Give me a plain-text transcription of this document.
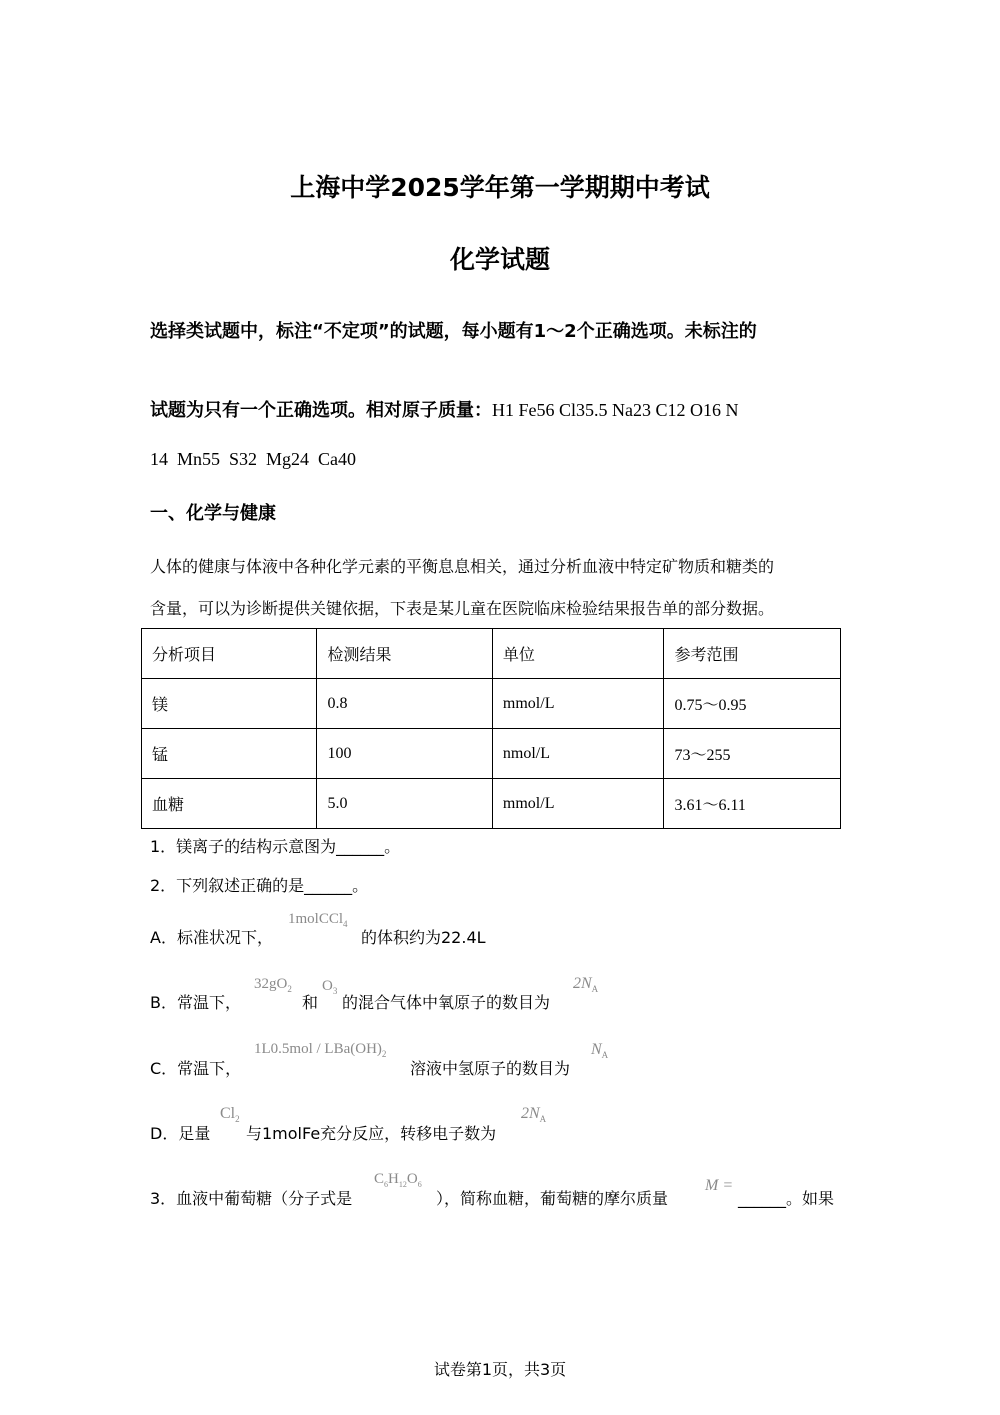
上海中学2025学年第一学期期中考试
化学试题
选择类试题中，标注“不定项”的试题，每小题有1～2个正确选项。未标注的
试题为只有一个正确选项。相对原子质量：H1 Fe56 Cl35.5 Na23 C12 O16 N
14  Mn55  S32  Mg24  Ca40
一、化学与健康
人体的健康与体液中各种化学元素的平衡息息相关，通过分析血液中特定矿物质和糖类的
含量，可以为诊断提供关键依据，下表是某儿童在医院临床检验结果报告单的部分数据。
分析项目	检测结果	单位	参考范围
镁	0.8	mmol/L	0.75～0.95
锰	100	nmol/L	73～255
血糖	5.0	mmol/L	3.61～6.11
1．镁离子的结构示意图为______。
2．下列叙述正确的是______。
A．标准状况下，
1molCCl$_4$
的体积约为22.4L
B．常温下，
$32gO_2$
和
$O_3$
的混合气体中氧原子的数目为
$2N_A$
C．常温下，
$1L0.5mol / LBa(OH)_2$
溶液中氢原子的数目为
$N_A$
D．足量
$Cl_2$
与1molFe充分反应，转移电子数为
$2N_A$
3．血液中葡萄糖（分子式是
$C_6H_{12}O_6$
），简称血糖，葡萄糖的摩尔质量
M =
______。如果
试卷第1页，共3页
